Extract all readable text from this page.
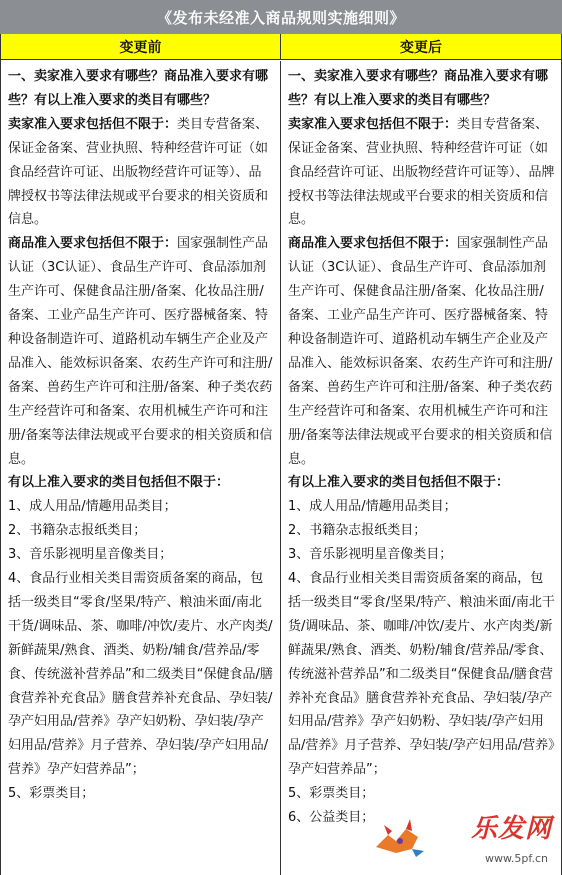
《发布未经准入商品规则实施细则》
变更前	变更后

一、卖家准入要求有哪些？商品准入要求有哪些？有以上准入要求的类目有哪些？

卖家准入要求包括但不限于：类目专营备案、保证金备案、营业执照、特种经营许可证（如食品经营许可证、出版物经营许可证等）、品牌授权书等法律法规或平台要求的相关资质和信息。

商品准入要求包括但不限于：国家强制性产品认证（3C认证）、食品生产许可、食品添加剂生产许可、保健食品注册/备案、化妆品注册/备案、工业产品生产许可、医疗器械备案、特种设备制造许可、道路机动车辆生产企业及产品准入、能效标识备案、农药生产许可和注册/备案、兽药生产许可和注册/备案、种子类农药生产经营许可和备案、农用机械生产许可和注册/备案等法律法规或平台要求的相关资质和信息。

有以上准入要求的类目包括但不限于：

1、成人用品/情趣用品类目；

2、书籍杂志报纸类目；

3、音乐影视明星音像类目；

4、食品行业相关类目需资质备案的商品，包括一级类目“零食/坚果/特产、粮油米面/南北干货/调味品、茶、咖啡/冲饮/麦片、水产肉类/新鲜蔬果/熟食、酒类、奶粉/辅食/营养品/零食、传统滋补营养品”和二级类目“保健食品/膳食营养补充食品》膳食营养补充食品、孕妇装/孕产妇用品/营养》孕产妇奶粉、孕妇装/孕产妇用品/营养》月子营养、孕妇装/孕产妇用品/营养》孕产妇营养品”；

5、彩票类目；

一、卖家准入要求有哪些？商品准入要求有哪些？有以上准入要求的类目有哪些？

卖家准入要求包括但不限于：类目专营备案、保证金备案、营业执照、特种经营许可证（如食品经营许可证、出版物经营许可证等）、品牌授权书等法律法规或平台要求的相关资质和信息。

商品准入要求包括但不限于：国家强制性产品认证（3C认证）、食品生产许可、食品添加剂生产许可、保健食品注册/备案、化妆品注册/备案、工业产品生产许可、医疗器械备案、特种设备制造许可、道路机动车辆生产企业及产品准入、能效标识备案、农药生产许可和注册/备案、兽药生产许可和注册/备案、种子类农药生产经营许可和备案、农用机械生产许可和注册/备案等法律法规或平台要求的相关资质和信息。

有以上准入要求的类目包括但不限于：

1、成人用品/情趣用品类目；

2、书籍杂志报纸类目；

3、音乐影视明星音像类目；

4、食品行业相关类目需资质备案的商品，包括一级类目“零食/坚果/特产、粮油米面/南北干货/调味品、茶、咖啡/冲饮/麦片、水产肉类/新鲜蔬果/熟食、酒类、奶粉/辅食/营养品/零食、传统滋补营养品”和二级类目“保健食品/膳食营养补充食品》膳食营养补充食品、孕妇装/孕产妇用品/营养》孕产妇奶粉、孕妇装/孕产妇用品/营养》月子营养、孕妇装/孕产妇用品/营养》孕产妇营养品”；

5、彩票类目；

6、公益类目；	乐发网
www.5pf.cn
